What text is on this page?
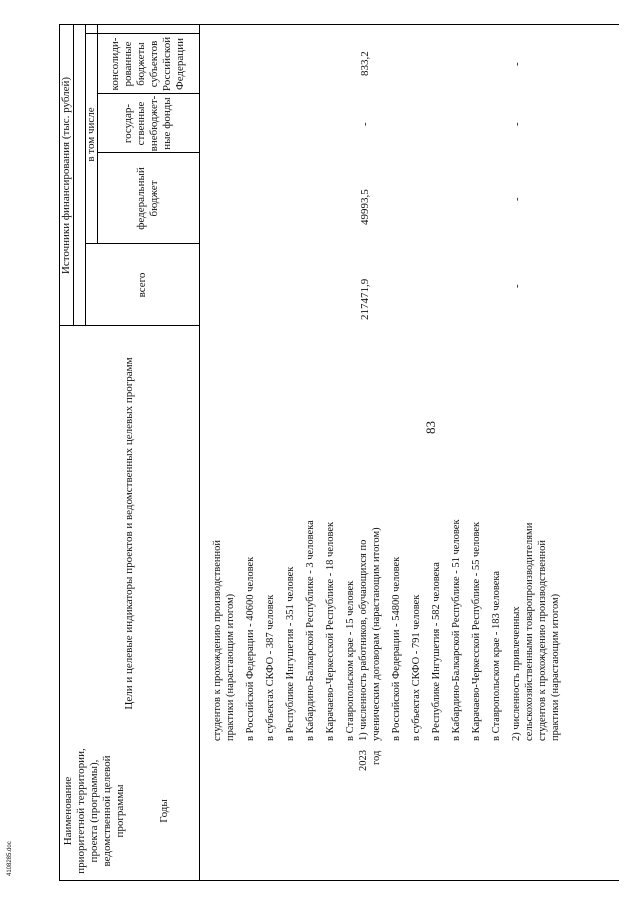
83
4108285.doc
Наименование приоритетной территории, проекта (программы), ведомственной целевой программы	Годы
Цели и целевые индикаторы проектов и ведомственных целевых программ
Источники финансирования (тыс. рублей)
всего
в том числе
федеральный бюджет
государ-ственные внебюджет-ные фонды
консолиди-рованные бюджеты субъектов Российской Федерации
студентов к прохождению производственной практики (нарастающим итогом) в Российской Федерации - 40600 человек в субъектах СКФО - 387 человек в Республике Ингушетия - 351 человек в Кабардино-Балкарской Республике - 3 человека в Карачаево-Черкесской Республике - 18 человек в Ставропольском крае - 15 человек
2023 год
1) численность работников, обучающихся по ученическим договорам (нарастающим итогом) в Российской Федерации - 54800 человек в субъектах СКФО - 791 человек в Республике Ингушетия - 582 человека в Кабардино-Балкарской Республике - 51 человек в Карачаево-Черкесской Республике - 55 человек в Ставропольском крае - 183 человека 2) численность привлеченных сельскохозяйственными товаропроизводителями студентов к прохождению производственной практики (нарастающим итогом)
217471,9
49993,5
-
833,2
-
-
-
-
